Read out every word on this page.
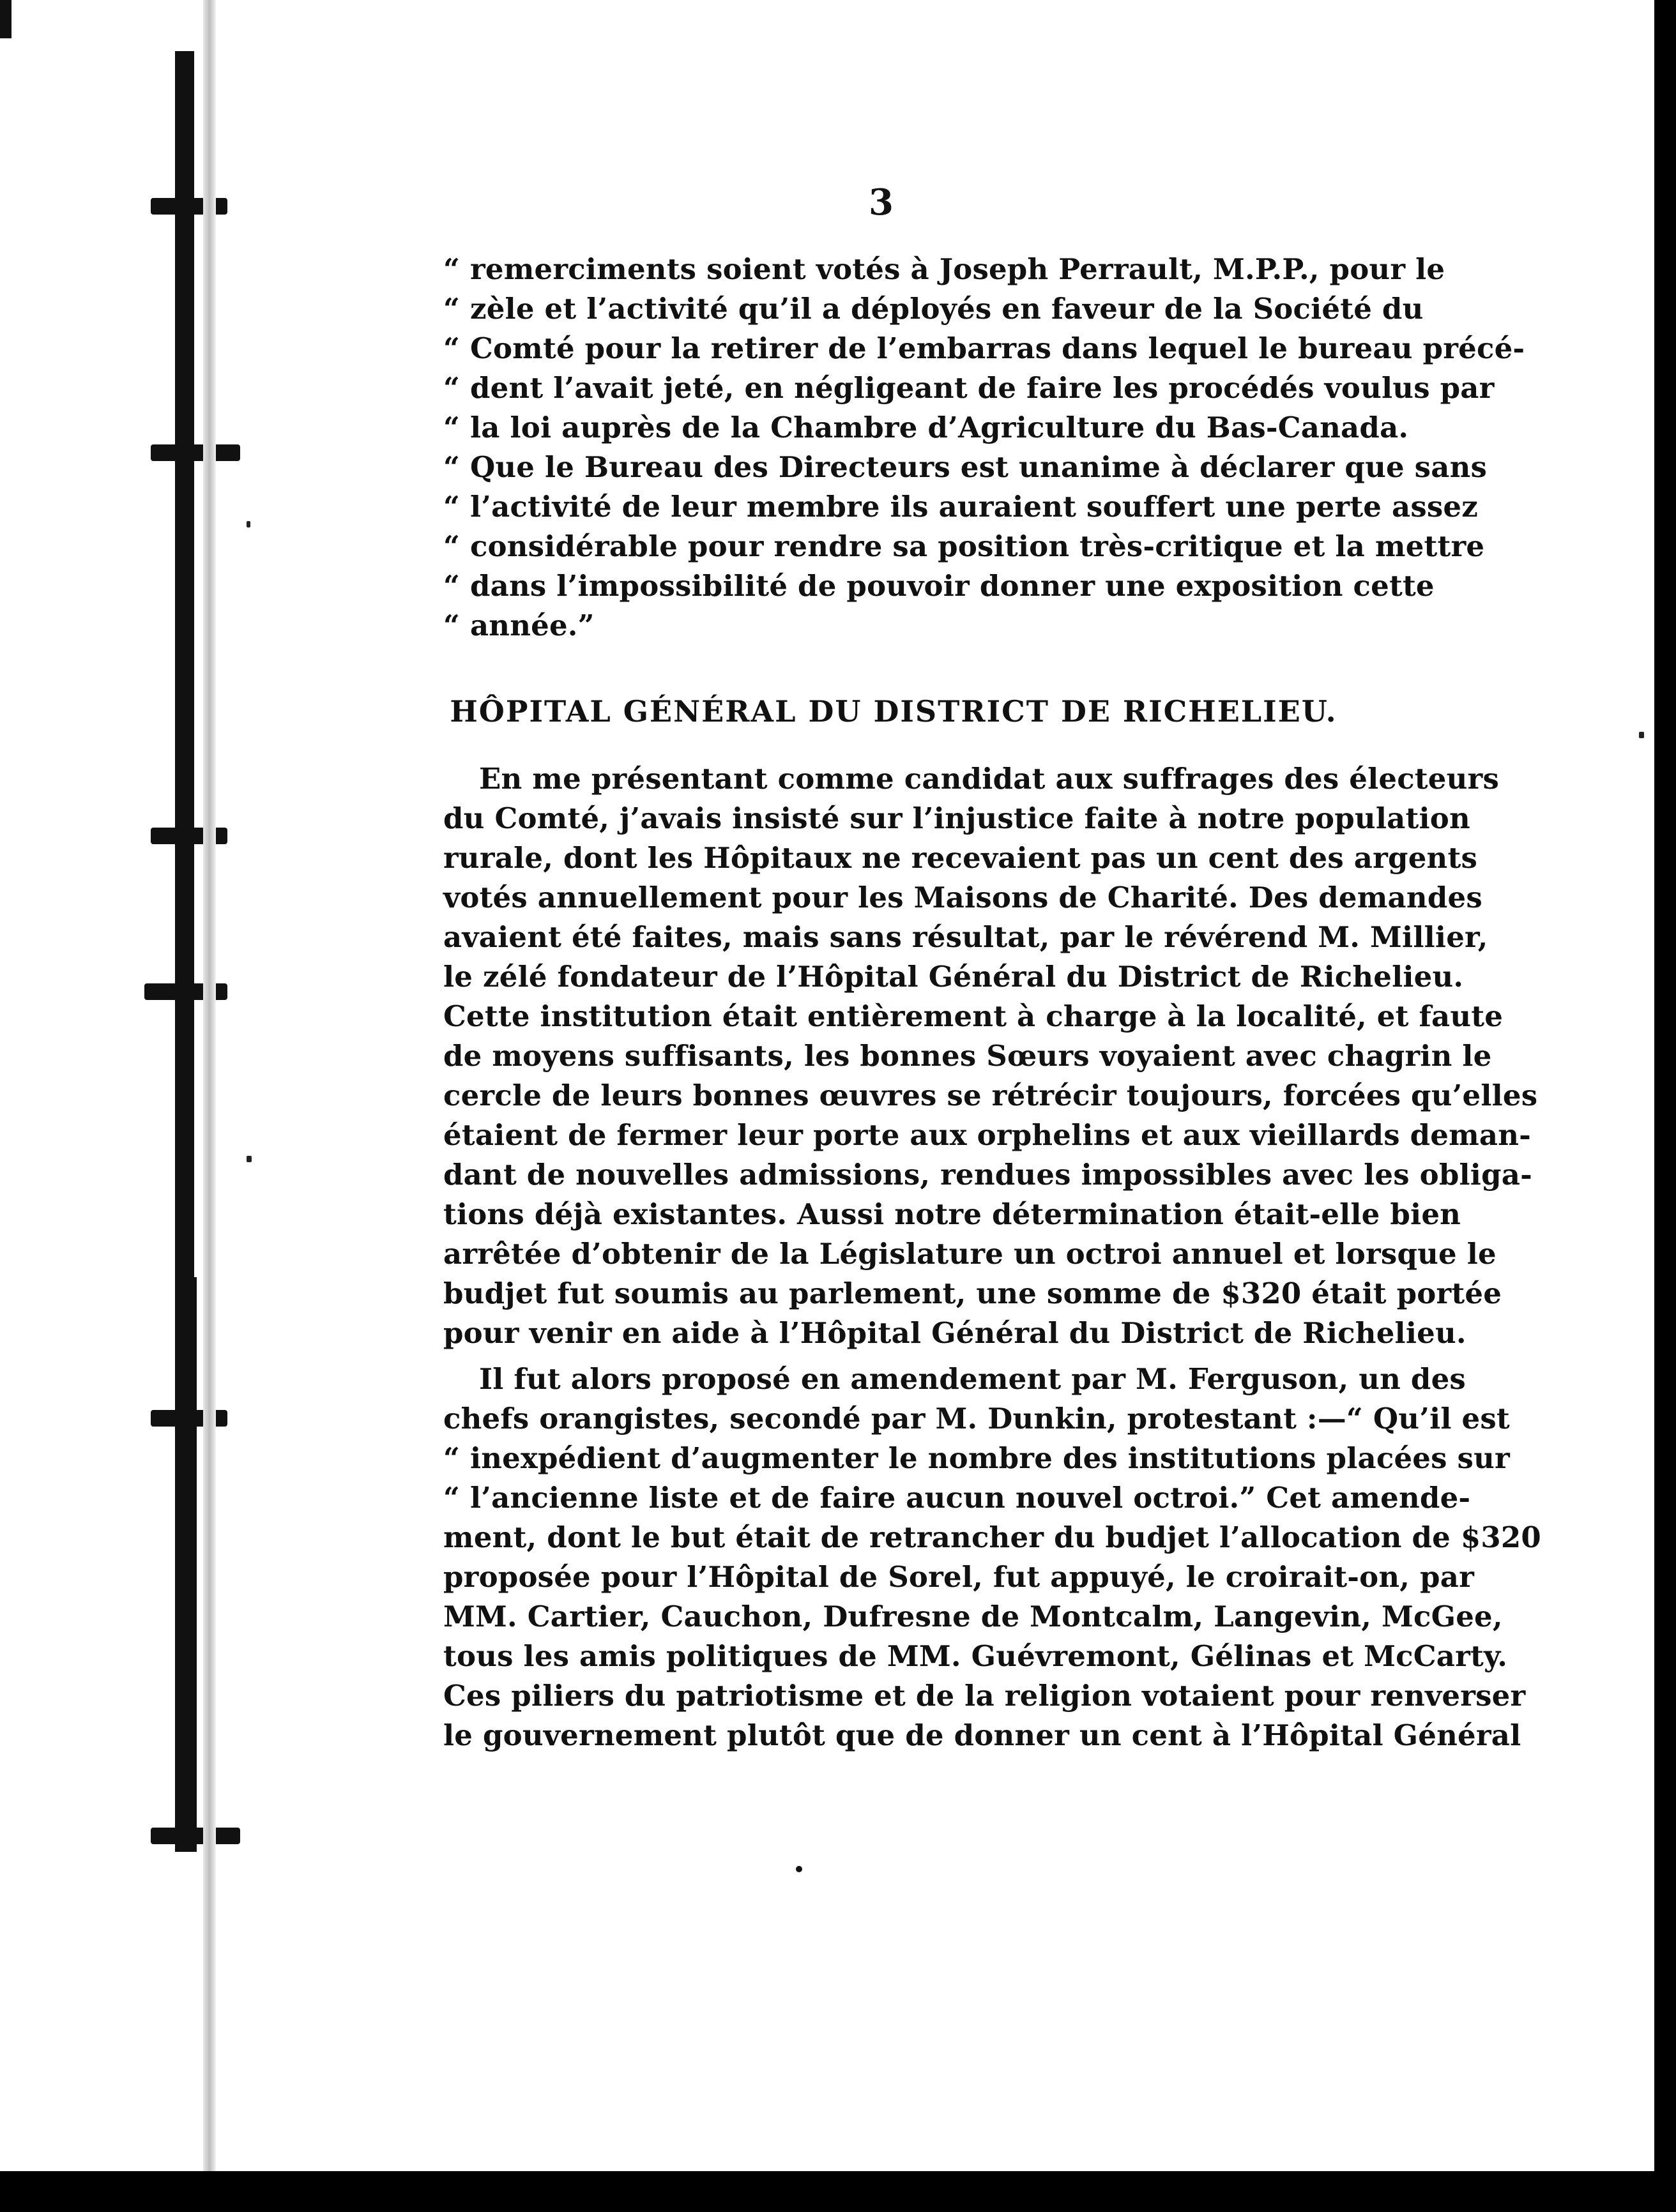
3
“ remerciments soient votés à Joseph Perrault, M.P.P., pour le
“ zèle et l’activité qu’il a déployés en faveur de la Société du
“ Comté pour la retirer de l’embarras dans lequel le bureau précé-
“ dent l’avait jeté, en négligeant de faire les procédés voulus par
“ la loi auprès de la Chambre d’Agriculture du Bas-Canada.
“ Que le Bureau des Directeurs est unanime à déclarer que sans
“ l’activité de leur membre ils auraient souffert une perte assez
“ considérable pour rendre sa position très-critique et la mettre
“ dans l’impossibilité de pouvoir donner une exposition cette
“ année.”
HÔPITAL GÉNÉRAL DU DISTRICT DE RICHELIEU.
En me présentant comme candidat aux suffrages des électeurs
du Comté, j’avais insisté sur l’injustice faite à notre population
rurale, dont les Hôpitaux ne recevaient pas un cent des argents
votés annuellement pour les Maisons de Charité. Des demandes
avaient été faites, mais sans résultat, par le révérend M. Millier,
le zélé fondateur de l’Hôpital Général du District de Richelieu.
Cette institution était entièrement à charge à la localité, et faute
de moyens suffisants, les bonnes Sœurs voyaient avec chagrin le
cercle de leurs bonnes œuvres se rétrécir toujours, forcées qu’elles
étaient de fermer leur porte aux orphelins et aux vieillards deman-
dant de nouvelles admissions, rendues impossibles avec les obliga-
tions déjà existantes. Aussi notre détermination était-elle bien
arrêtée d’obtenir de la Législature un octroi annuel et lorsque le
budjet fut soumis au parlement, une somme de $320 était portée
pour venir en aide à l’Hôpital Général du District de Richelieu.
Il fut alors proposé en amendement par M. Ferguson, un des
chefs orangistes, secondé par M. Dunkin, protestant :—“ Qu’il est
“ inexpédient d’augmenter le nombre des institutions placées sur
“ l’ancienne liste et de faire aucun nouvel octroi.” Cet amende-
ment, dont le but était de retrancher du budjet l’allocation de $320
proposée pour l’Hôpital de Sorel, fut appuyé, le croirait-on, par
MM. Cartier, Cauchon, Dufresne de Montcalm, Langevin, McGee,
tous les amis politiques de MM. Guévremont, Gélinas et McCarty.
Ces piliers du patriotisme et de la religion votaient pour renverser
le gouvernement plutôt que de donner un cent à l’Hôpital Général
